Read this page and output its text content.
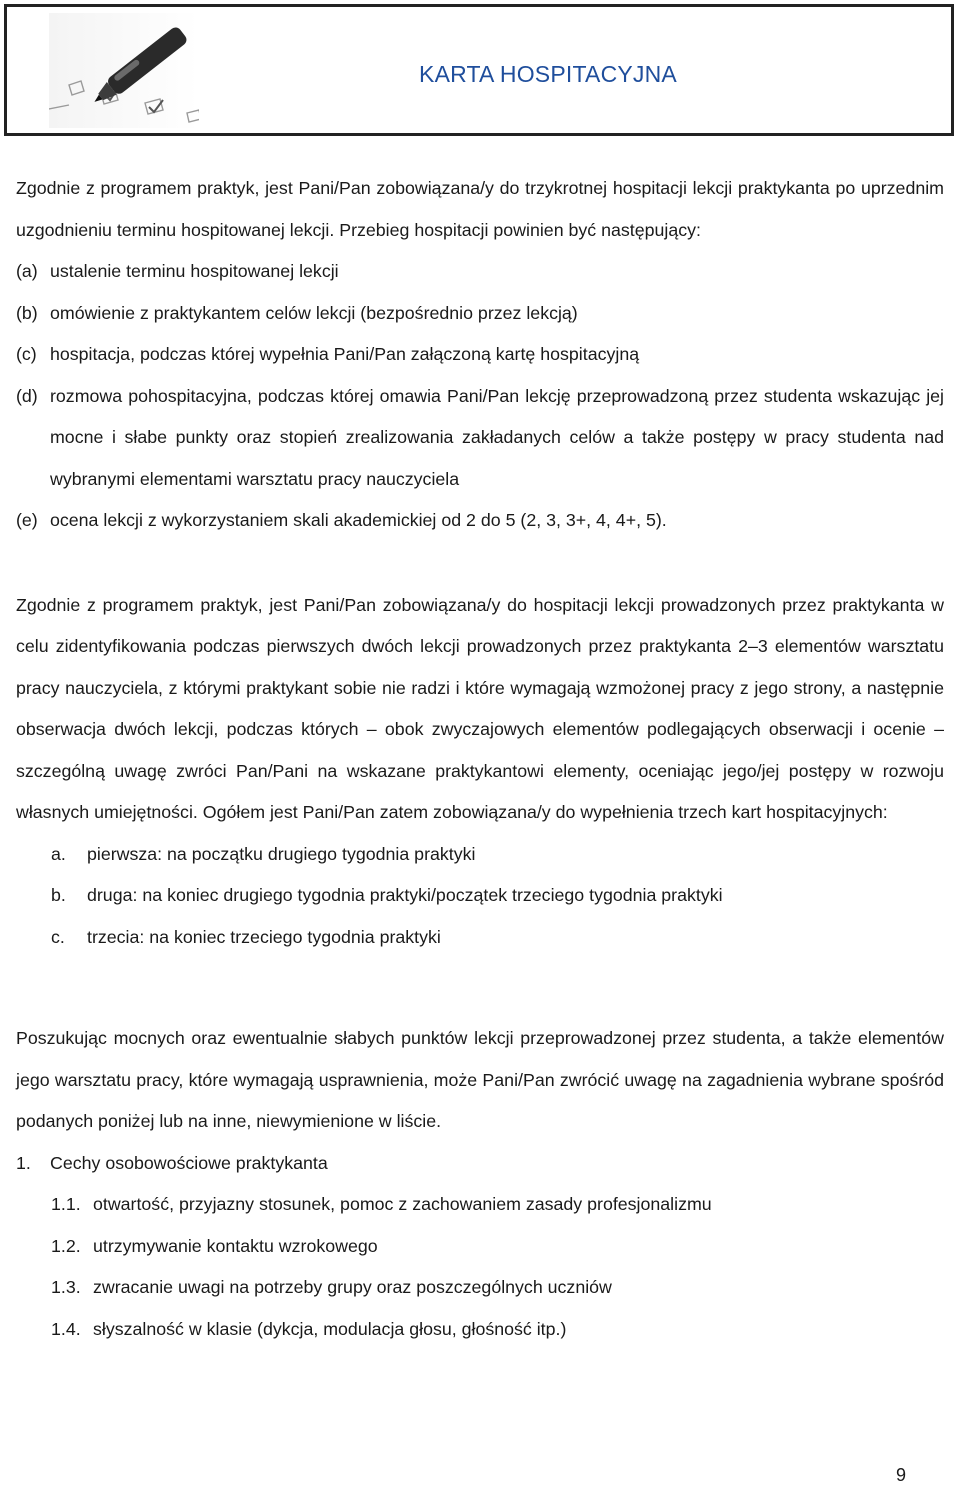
KARTA HOSPITACYJNA

Zgodnie z programem praktyk, jest Pani/Pan zobowiązana/y do trzykrotnej hospitacji lekcji praktykanta po uprzednim uzgodnieniu terminu hospitowanej lekcji. Przebieg hospitacji powinien być następujący:

(a) ustalenie terminu hospitowanej lekcji
(b) omówienie z praktykantem celów lekcji (bezpośrednio przez lekcją)
(c) hospitacja, podczas której wypełnia Pani/Pan załączoną kartę hospitacyjną
(d) rozmowa pohospitacyjna, podczas której omawia Pani/Pan lekcję przeprowadzoną przez studenta wskazując jej mocne i słabe punkty oraz stopień zrealizowania zakładanych celów a także postępy w pracy studenta nad wybranymi elementami warsztatu pracy nauczyciela
(e) ocena lekcji z wykorzystaniem skali akademickiej od 2 do 5 (2, 3, 3+, 4, 4+, 5).

Zgodnie z programem praktyk, jest Pani/Pan zobowiązana/y do hospitacji lekcji prowadzonych przez praktykanta w celu zidentyfikowania podczas pierwszych dwóch lekcji prowadzonych przez praktykanta 2–3 elementów warsztatu pracy nauczyciela, z którymi praktykant sobie nie radzi i które wymagają wzmożonej pracy z jego strony, a następnie obserwacja dwóch lekcji, podczas których – obok zwyczajowych elementów podlegających obserwacji i ocenie – szczególną uwagę zwróci Pan/Pani na wskazane praktykantowi elementy, oceniając jego/jej postępy w rozwoju własnych umiejętności. Ogółem jest Pani/Pan zatem zobowiązana/y do wypełnienia trzech kart hospitacyjnych:

a.	pierwsza: na początku drugiego tygodnia praktyki
b.	druga: na koniec drugiego tygodnia praktyki/początek trzeciego tygodnia praktyki
c.	trzecia: na koniec trzeciego tygodnia praktyki

Poszukując mocnych oraz ewentualnie słabych punktów lekcji przeprowadzonej przez studenta, a także elementów jego warsztatu pracy, które wymagają usprawnienia, może Pani/Pan zwrócić uwagę na zagadnienia wybrane spośród podanych poniżej lub na inne, niewymienione w liście.

1.	Cechy osobowościowe praktykanta
1.1. otwartość, przyjazny stosunek, pomoc z zachowaniem zasady profesjonalizmu
1.2. utrzymywanie kontaktu wzrokowego
1.3. zwracanie uwagi na potrzeby grupy oraz poszczególnych uczniów
1.4. słyszalność w klasie (dykcja, modulacja głosu, głośność itp.)
9
